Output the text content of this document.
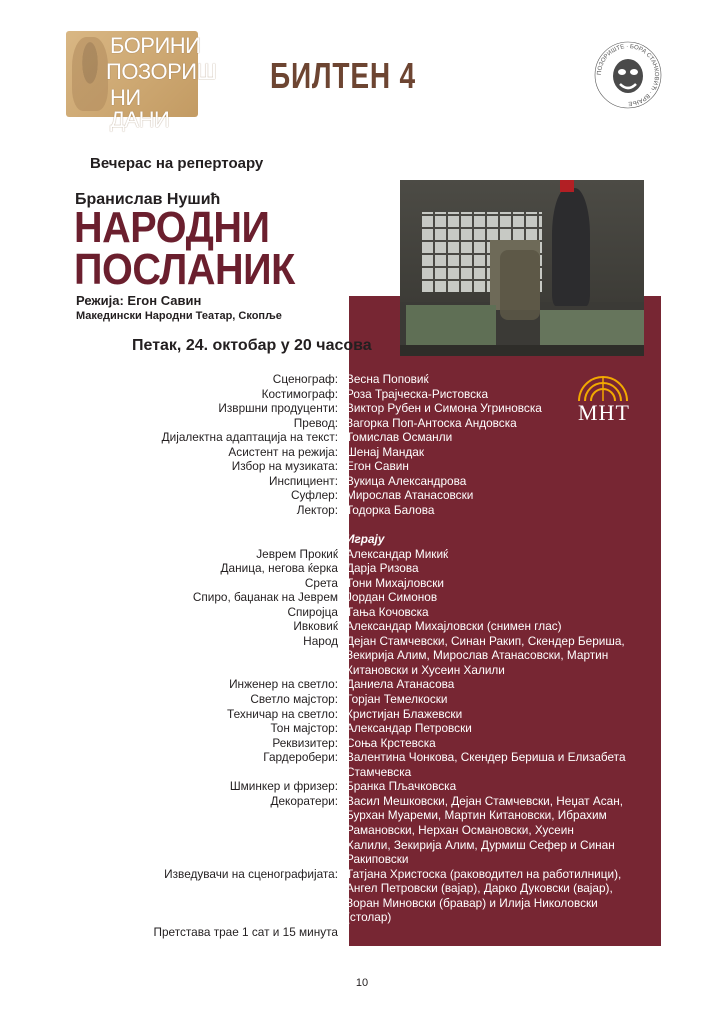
БОРИНИ
ПОЗОРИШ
НИ ДАНИ
БИЛТЕН 4	ПОЗОРИШТЕ · БОРА СТАНКОВИЋ · ВРАЊЕ
Вечерас на репертоару
Бранислав Нушић
НАРОДНИ
ПОСЛАНИК
Режија: Егон Савин
Македински Народни Театар, Скопље
Петак, 24. октобар у 20 часова
МНТ
Сценограф: Весна Поповиќ
Костимограф: Роза Трајческа-Ристовска
Извршни продуценти: Виктор Рубен и Симона Угриновска
Превод: Загорка Поп-Антоска Андовска
Дијалектна адаптација на текст: Томислав Османли
Асистент на режија: Шенај Мандак
Избор на музиката: Егон Савин
Инспициент: Вукица Александрова
Суфлер: Мирослав Атанасовски
Лектор: Тодорка Балова
Играју
Јеврем Прокиќ Александар Микиќ
Даница, негова ќерка Дарја Ризова
Срета Тони Михајловски
Спиро, баџанак на Јеврем Јордан Симонов
Спиројца Тања Кочовска
Ивковиќ Александар Михајловски (снимен глас)
Народ Дејан Стамчевски, Синан Ракип, Скендер Бериша,
Зекирија Алим, Мирослав Атанасовски, Мартин
Китановски и Хусеин Халили
Инженер на светло: Даниела Атанасова
Светло мајстор: Горјан Темелкоски
Техничар на светло: Кристијан Блажевски
Тон мајстор: Александар Петровски
Реквизитер: Соња Крстевска
Гардеробери: Валентина Чонкова, Скендер Бериша и Елизабета
Стамчевска
Шминкер и фризер: Бранка Пљачковска
Декоратери: Васил Мешковски, Дејан Стамчевски, Неџат Асан,
Бурхан Муареми, Мартин Китановски, Ибрахим
Рамановски, Нерхан Османовски, Хусеин
Халили, Зекирија Алим, Дурмиш Сефер и Синан
Ракиповски
Изведувачи на сценографијата: Татјана Христоска (раководител на работилници),
Ангел Петровски (вајар), Дарко Дуковски (вајар),
Зоран Миновски (бравар) и Илија Николовски
(столар)
Претстава трае 1 сат и 15 минута
10
